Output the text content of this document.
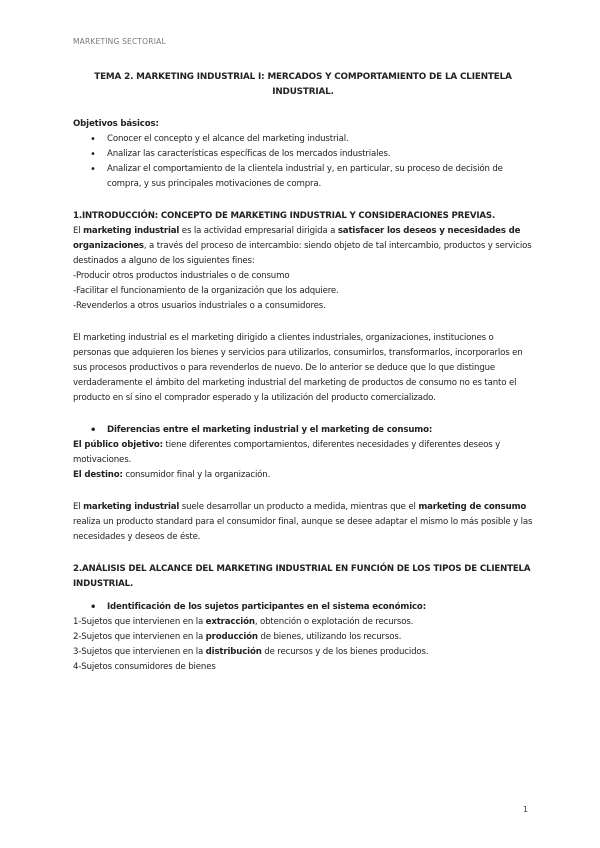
MARKETING SECTORIAL

TEMA 2. MARKETING INDUSTRIAL I: MERCADOS Y COMPORTAMIENTO DE LA CLIENTELA INDUSTRIAL.

Objetivos básicos:

• Conocer el concepto y el alcance del marketing industrial.
• Analizar las características específicas de los mercados industriales.
• Analizar el comportamiento de la clientela industrial y, en particular, su proceso de decisión de compra, y sus principales motivaciones de compra.

1.INTRODUCCIÓN: CONCEPTO DE MARKETING INDUSTRIAL Y CONSIDERACIONES PREVIAS.

El marketing industrial es la actividad empresarial dirigida a satisfacer los deseos y necesidades de organizaciones, a través del proceso de intercambio: siendo objeto de tal intercambio, productos y servicios destinados a alguno de los siguientes fines:

-Producir otros productos industriales o de consumo

-Facilitar el funcionamiento de la organización que los adquiere.

-Revenderlos a otros usuarios industriales o a consumidores.

El marketing industrial es el marketing dirigido a clientes industriales, organizaciones, instituciones o personas que adquieren los bienes y servicios para utilizarlos, consumirlos, transformarlos, incorporarlos en sus procesos productivos o para revenderlos de nuevo. De lo anterior se deduce que lo que distingue verdaderamente el ámbito del marketing industrial del marketing de productos de consumo no es tanto el producto en sí sino el comprador esperado y la utilización del producto comercializado.

• Diferencias entre el marketing industrial y el marketing de consumo:

El público objetivo: tiene diferentes comportamientos, diferentes necesidades y diferentes deseos y motivaciones.

El destino: consumidor final y la organización.

El marketing industrial suele desarrollar un producto a medida, mientras que el marketing de consumo realiza un producto standard para el consumidor final, aunque se desee adaptar el mismo lo más posible y las necesidades y deseos de éste.

2.ANÁLISIS DEL ALCANCE DEL MARKETING INDUSTRIAL EN FUNCIÓN DE LOS TIPOS DE CLIENTELA INDUSTRIAL.

• Identificación de los sujetos participantes en el sistema económico:

1-Sujetos que intervienen en la extracción, obtención o explotación de recursos.

2-Sujetos que intervienen en la producción de bienes, utilizando los recursos.

3-Sujetos que intervienen en la distribución de recursos y de los bienes producidos.

4-Sujetos consumidores de bienes

1
